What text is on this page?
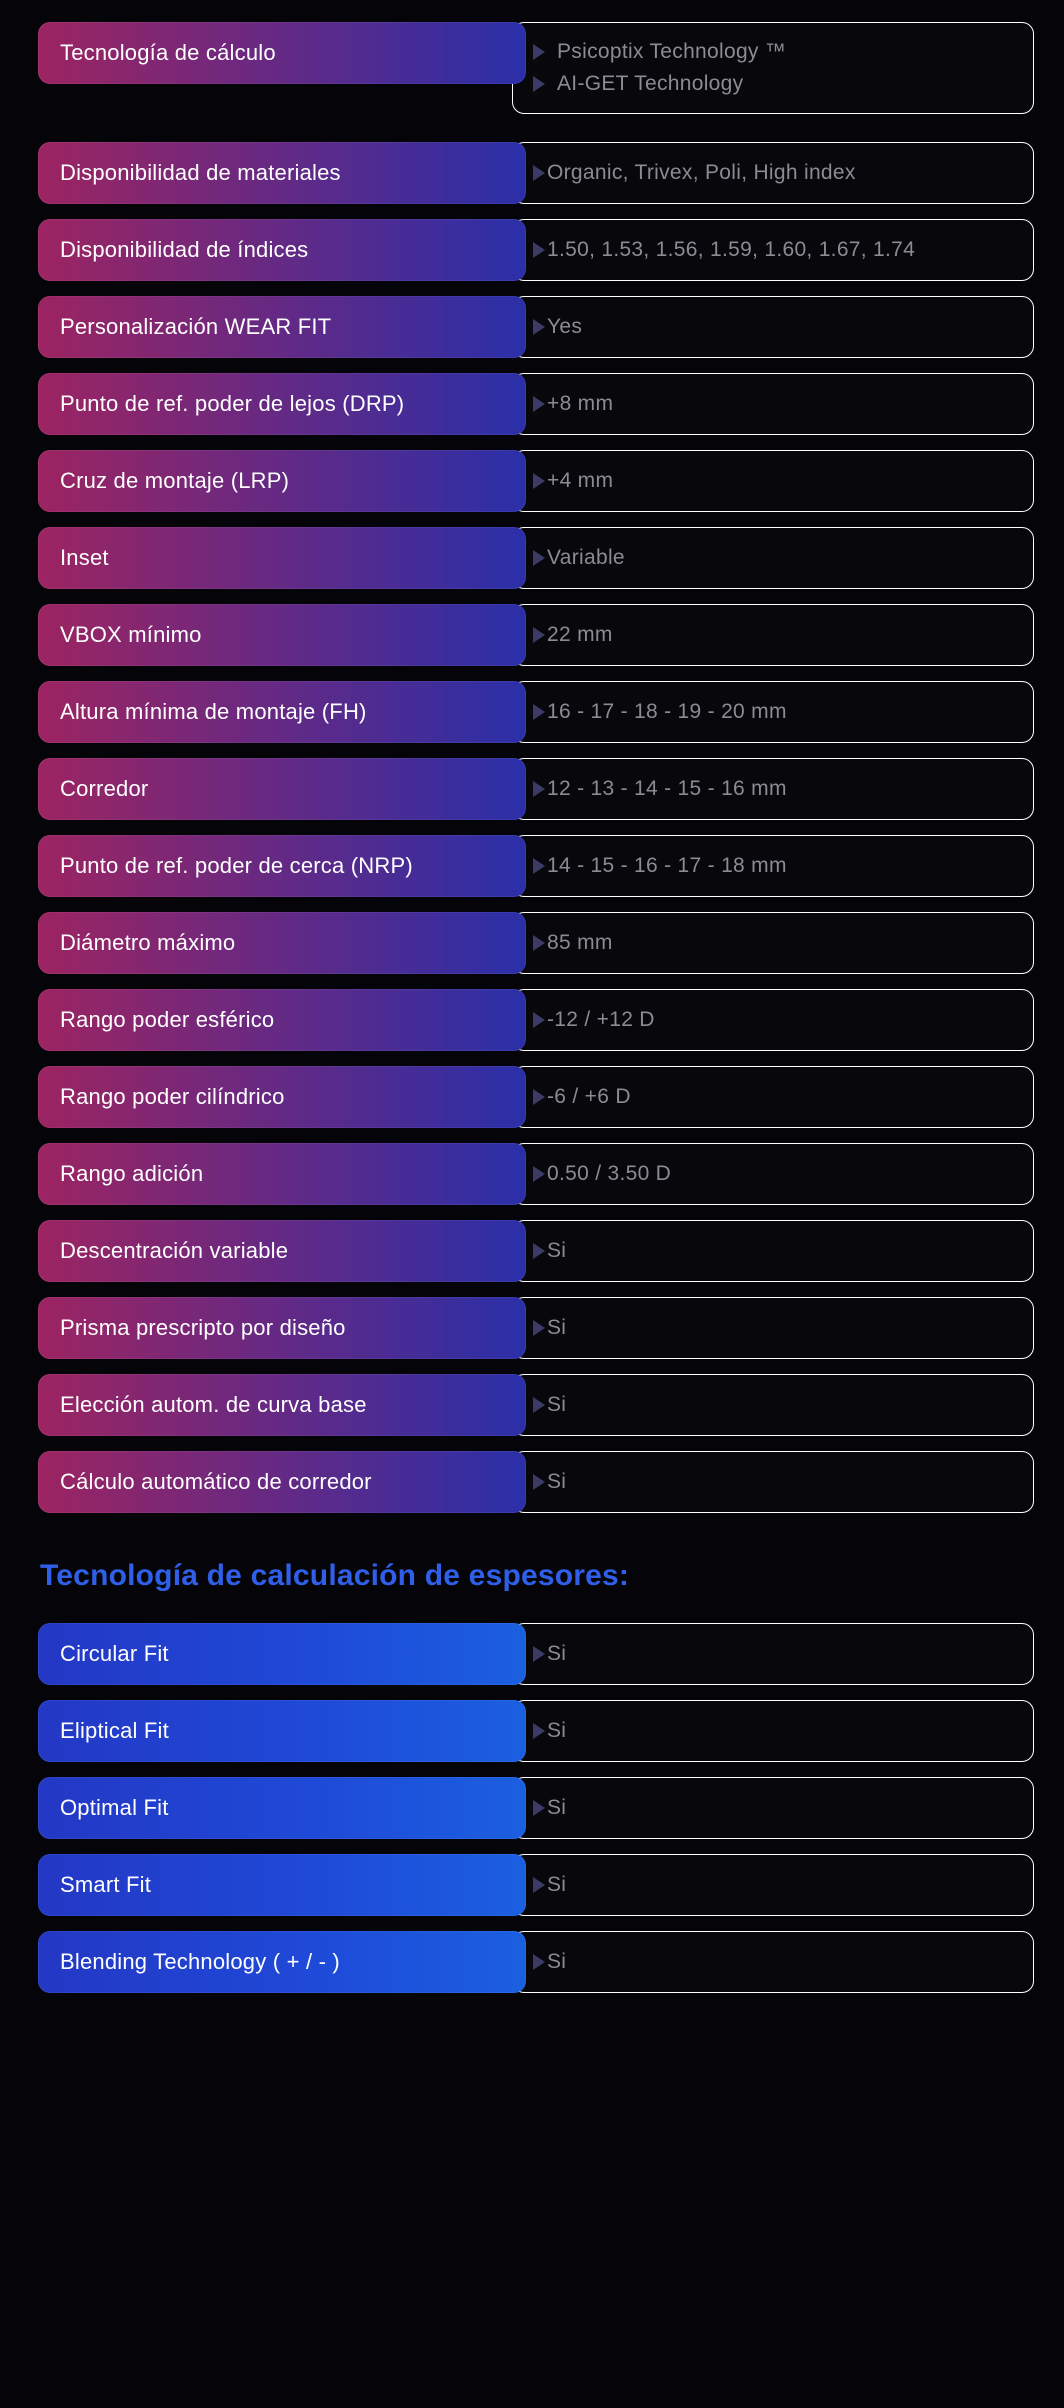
Psicoptix Technology ™
AI-GET Technology
Tecnología de cálculo
Organic, Trivex, Poli, High index
Disponibilidad de materiales
1.50, 1.53, 1.56, 1.59, 1.60, 1.67, 1.74
Disponibilidad de índices
Yes
Personalización WEAR FIT
+8 mm
Punto de ref. poder de lejos (DRP)
+4 mm
Cruz de montaje (LRP)
Variable
Inset
22 mm
VBOX mínimo
16 - 17 - 18 - 19 - 20 mm
Altura mínima de montaje (FH)
12 - 13 - 14 - 15 - 16 mm
Corredor
14 - 15 - 16 - 17 - 18 mm
Punto de ref. poder de cerca (NRP)
85 mm
Diámetro máximo
-12 / +12 D
Rango poder esférico
-6 / +6 D
Rango poder cilíndrico
0.50 / 3.50 D
Rango adición
Si
Descentración variable
Si
Prisma prescripto por diseño
Si
Elección autom. de curva base
Si
Cálculo automático de corredor
Tecnología de calculación de espesores:
Si
Circular Fit
Si
Eliptical Fit
Si
Optimal Fit
Si
Smart Fit
Si
Blending Technology ( + / - )
